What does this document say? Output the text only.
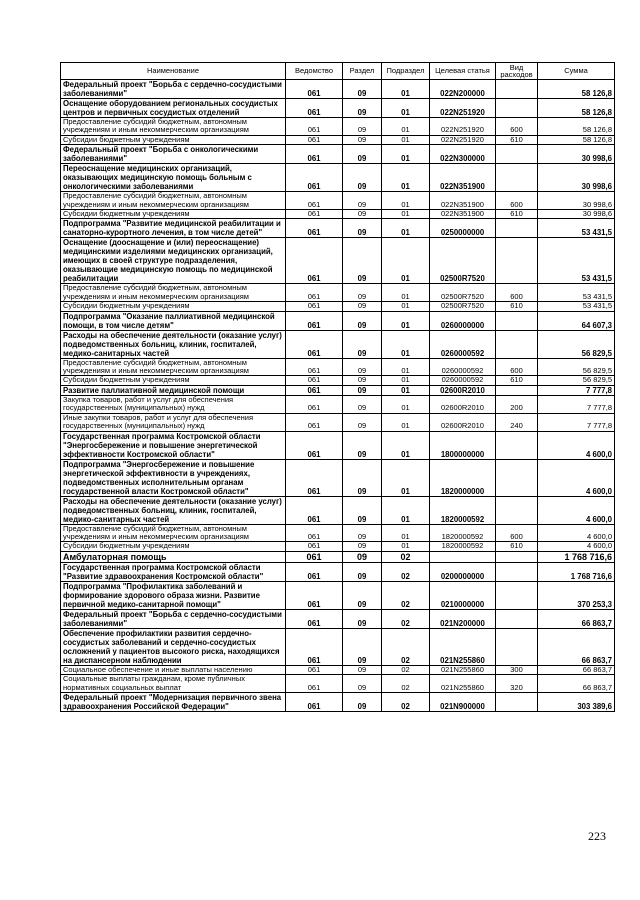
Наименование	Ведомство	Раздел	Подраздел	Целевая статья	Вид расходов	Сумма
Федеральный проект "Борьба с сердечно-сосудистыми заболеваниями"	061	09	01	022N200000		58 126,8
Оснащение оборудованием региональных сосудистых центров и первичных сосудистых отделений	061	09	01	022N251920		58 126,8
Предоставление субсидий бюджетным, автономным учреждениям и иным некоммерческим организациям	061	09	01	022N251920	600	58 126,8
Субсидии бюджетным учреждениям	061	09	01	022N251920	610	58 126,8
Федеральный проект "Борьба с онкологическими заболеваниями"	061	09	01	022N300000		30 998,6
Переоснащение медицинских организаций, оказывающих медицинскую помощь больным с онкологическими заболеваниями	061	09	01	022N351900		30 998,6
Предоставление субсидий бюджетным, автономным учреждениям и иным некоммерческим организациям	061	09	01	022N351900	600	30 998,6
Субсидии бюджетным учреждениям	061	09	01	022N351900	610	30 998,6
Подпрограмма "Развитие медицинской реабилитации и санаторно-курортного лечения, в том числе детей"	061	09	01	0250000000		53 431,5
Оснащение (дооснащение и (или) переоснащение) медицинскими изделиями медицинских организаций, имеющих в своей структуре подразделения, оказывающие медицинскую помощь по медицинской реабилитации	061	09	01	02500R7520		53 431,5
Предоставление субсидий бюджетным, автономным учреждениям и иным некоммерческим организациям	061	09	01	02500R7520	600	53 431,5
Субсидии бюджетным учреждениям	061	09	01	02500R7520	610	53 431,5
Подпрограмма "Оказание паллиативной медицинской помощи, в том числе детям"	061	09	01	0260000000		64 607,3
Расходы на обеспечение деятельности (оказание услуг) подведомственных больниц, клиник, госпиталей, медико-санитарных частей	061	09	01	0260000592		56 829,5
Предоставление субсидий бюджетным, автономным учреждениям и иным некоммерческим организациям	061	09	01	0260000592	600	56 829,5
Субсидии бюджетным учреждениям	061	09	01	0260000592	610	56 829,5
Развитие паллиативной медицинской помощи	061	09	01	02600R2010		7 777,8
Закупка товаров, работ и услуг для обеспечения государственных (муниципальных) нужд	061	09	01	02600R2010	200	7 777,8
Иные закупки товаров, работ и услуг для обеспечения государственных (муниципальных) нужд	061	09	01	02600R2010	240	7 777,8
Государственная программа Костромской области "Энергосбережение и повышение энергетической эффективности Костромской области"	061	09	01	1800000000		4 600,0
Подпрограмма "Энергосбережение и повышение энергетической эффективности в учреждениях, подведомственных исполнительным органам государственной власти Костромской области"	061	09	01	1820000000		4 600,0
Расходы на обеспечение деятельности (оказание услуг) подведомственных больниц, клиник, госпиталей, медико-санитарных частей	061	09	01	1820000592		4 600,0
Предоставление субсидий бюджетным, автономным учреждениям и иным некоммерческим организациям	061	09	01	1820000592	600	4 600,0
Субсидии бюджетным учреждениям	061	09	01	1820000592	610	4 600,0
Амбулаторная помощь	061	09	02			1 768 716,6
Государственная программа Костромской области "Развитие здравоохранения Костромской области"	061	09	02	0200000000		1 768 716,6
Подпрограмма "Профилактика заболеваний и формирование здорового образа жизни. Развитие первичной медико-санитарной помощи"	061	09	02	0210000000		370 253,3
Федеральный проект "Борьба с сердечно-сосудистыми заболеваниями"	061	09	02	021N200000		66 863,7
Обеспечение профилактики развития сердечно-сосудистых заболеваний и сердечно-сосудистых осложнений у пациентов высокого риска, находящихся на диспансерном наблюдении	061	09	02	021N255860		66 863,7
Социальное обеспечение и иные выплаты населению	061	09	02	021N255860	300	66 863,7
Социальные выплаты гражданам, кроме публичных нормативных социальных выплат	061	09	02	021N255860	320	66 863,7
Федеральный проект "Модернизация первичного звена здравоохранения Российской Федерации"	061	09	02	021N900000		303 389,6
223
